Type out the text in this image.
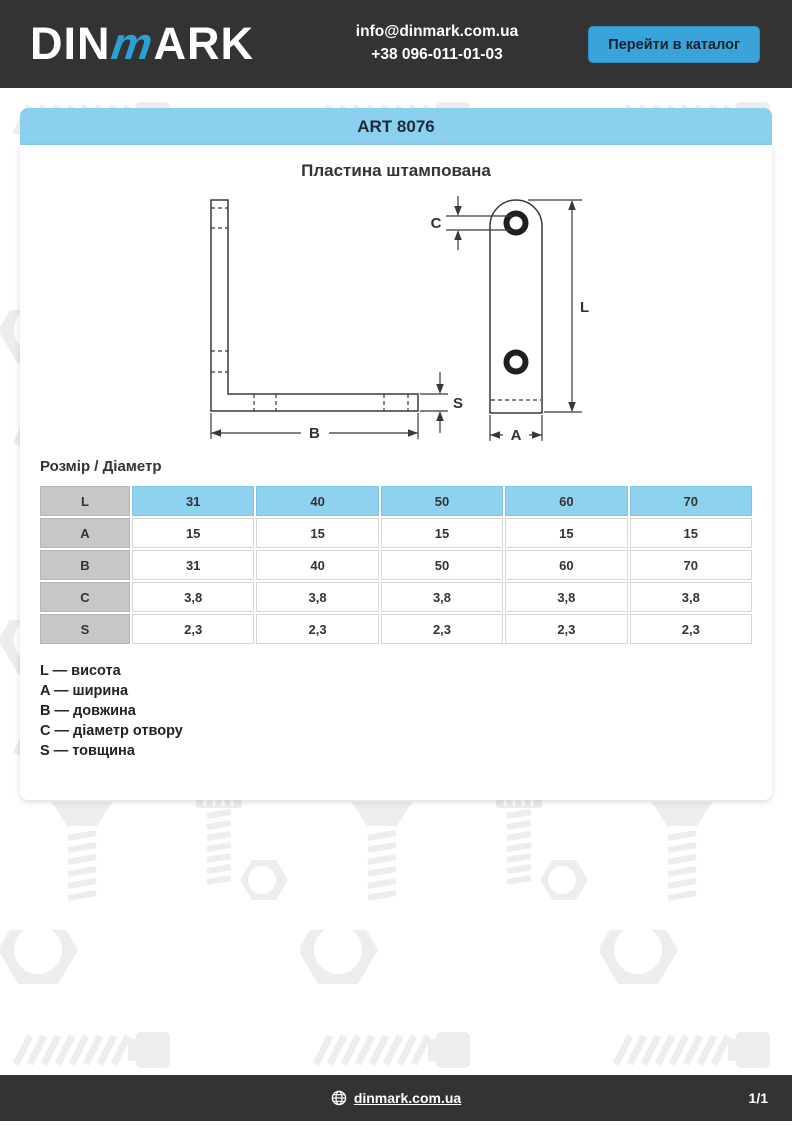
DINmARK	info@dinmark.com.ua
+38 096-011-01-03
Перейти в каталог
ART 8076
Пластина штампована
B
S
C
L
A
Розмір / Діаметр
L	31	40	50	60	70
A	15	15	15	15	15
B	31	40	50	60	70
C	3,8	3,8	3,8	3,8	3,8
S	2,3	2,3	2,3	2,3	2,3
L — висота
A — ширина
B — довжина
C — діаметр отвору
S — товщина
dinmark.com.ua	1/1
